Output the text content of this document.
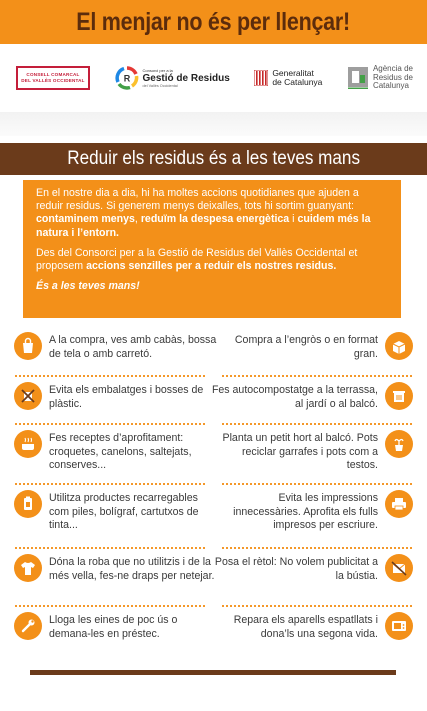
El menjar no és per llençar!
CONSELL COMARCAL
DEL VALLÈS OCCIDENTAL	R
Consorci per a la
Gestió de Residus
del Vallès Occidental
Generalitat
de Catalunya
Agència de
Residus de
Catalunya
Reduir els residus és a les teves mans

En el nostre dia a dia, hi ha moltes accions quotidianes que ajuden a reduir residus. Si generem menys deixalles, tots hi sortim guanyant: contaminem menys, reduïm la despesa energètica i cuidem més la natura i l’entorn.

Des del Consorci per a la Gestió de Residus del Vallès Occidental et proposem accions senzilles per a reduir els nostres residus.

És a les teves mans!

A la compra, ves amb cabàs, bossa de tela o amb carretó.
Compra a l’engròs o en format gran.
Evita els embalatges i bosses de plàstic.
Fes autocompostatge a la terrassa, al jardí o al balcó.
Fes receptes d’aprofitament: croquetes, canelons, saltejats, conserves...
Planta un petit hort al balcó. Pots reciclar garrafes i pots com a testos.
Utilitza productes recarregables com piles, bolígraf, cartutxos de tinta...
Evita les impressions innecessàries. Aprofita els fulls impresos per escriure.
Dóna la roba que no utilitzis i de la més vella, fes-ne draps per netejar.
Posa el rètol: No volem publicitat a la bústia.
Lloga les eines de poc ús o demana-les en préstec.
Repara els aparells espatllats i dona’ls una segona vida.
